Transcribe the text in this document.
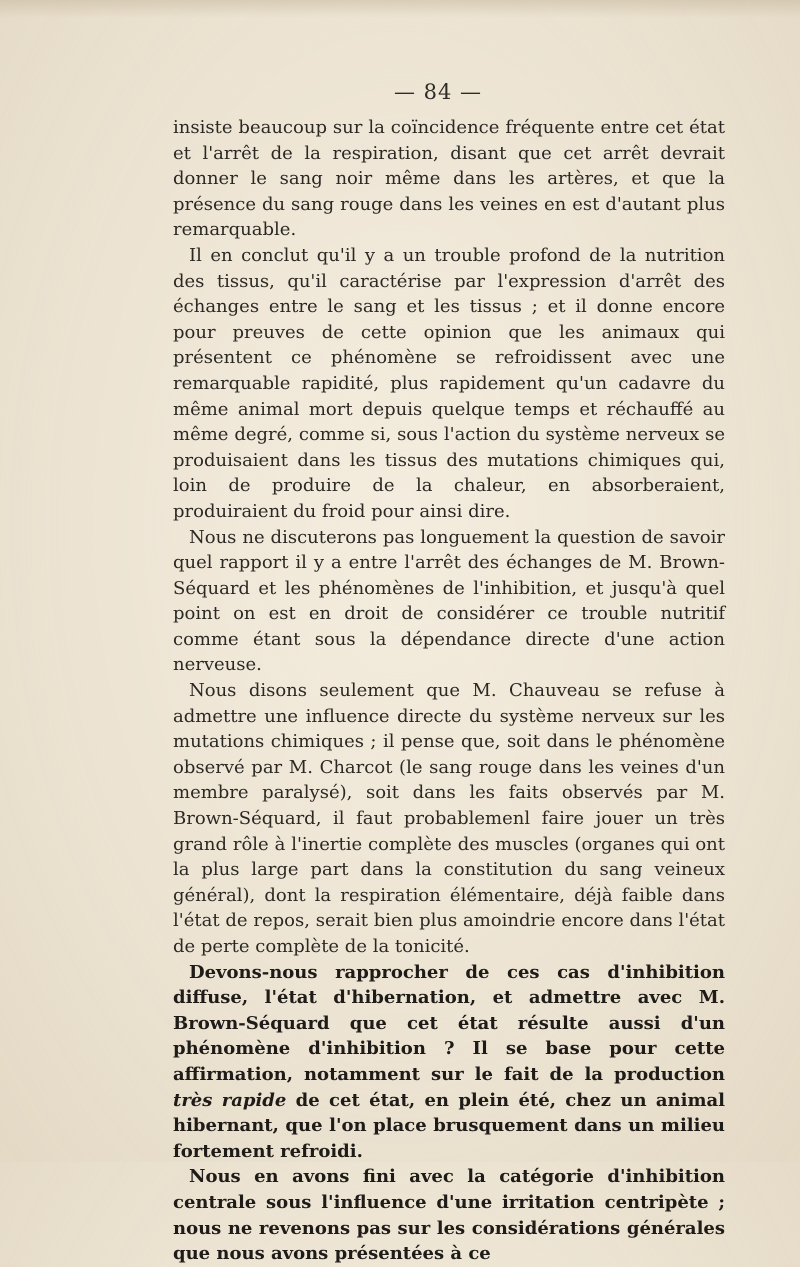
— 84 —

insiste beaucoup sur la coïncidence fréquente entre cet état et l'arrêt de la respiration, disant que cet arrêt devrait donner le sang noir même dans les artères, et que la présence du sang rouge dans les veines en est d'autant plus remarquable.

Il en conclut qu'il y a un trouble profond de la nutrition des tissus, qu'il caractérise par l'expression d'arrêt des échanges entre le sang et les tissus ; et il donne encore pour preuves de cette opinion que les animaux qui présentent ce phénomène se refroidissent avec une remarquable rapidité, plus rapidement qu'un cadavre du même animal mort depuis quelque temps et réchauffé au même degré, comme si, sous l'action du système nerveux se produisaient dans les tissus des mutations chimiques qui, loin de produire de la chaleur, en absorberaient, produiraient du froid pour ainsi dire.

Nous ne discuterons pas longuement la question de savoir quel rapport il y a entre l'arrêt des échanges de M. Brown-Séquard et les phénomènes de l'inhibition, et jusqu'à quel point on est en droit de considérer ce trouble nutritif comme étant sous la dépendance directe d'une action nerveuse.

Nous disons seulement que M. Chauveau se refuse à admettre une influence directe du système nerveux sur les mutations chimiques ; il pense que, soit dans le phénomène observé par M. Charcot (le sang rouge dans les veines d'un membre paralysé), soit dans les faits observés par M. Brown-Séquard, il faut probablemenl faire jouer un très grand rôle à l'inertie complète des muscles (organes qui ont la plus large part dans la constitution du sang veineux général), dont la respiration élémentaire, déjà faible dans l'état de repos, serait bien plus amoindrie encore dans l'état de perte complète de la tonicité.

Devons-nous rapprocher de ces cas d'inhibition diffuse, l'état d'hibernation, et admettre avec M. Brown-Séquard que cet état résulte aussi d'un phénomène d'inhibition ? Il se base pour cette affirmation, notamment sur le fait de la production très rapide de cet état, en plein été, chez un animal hibernant, que l'on place brusquement dans un milieu fortement refroidi.

Nous en avons fini avec la catégorie d'inhibition centrale sous l'influence d'une irritation centripète ; nous ne revenons pas sur les considérations générales que nous avons présentées à ce
